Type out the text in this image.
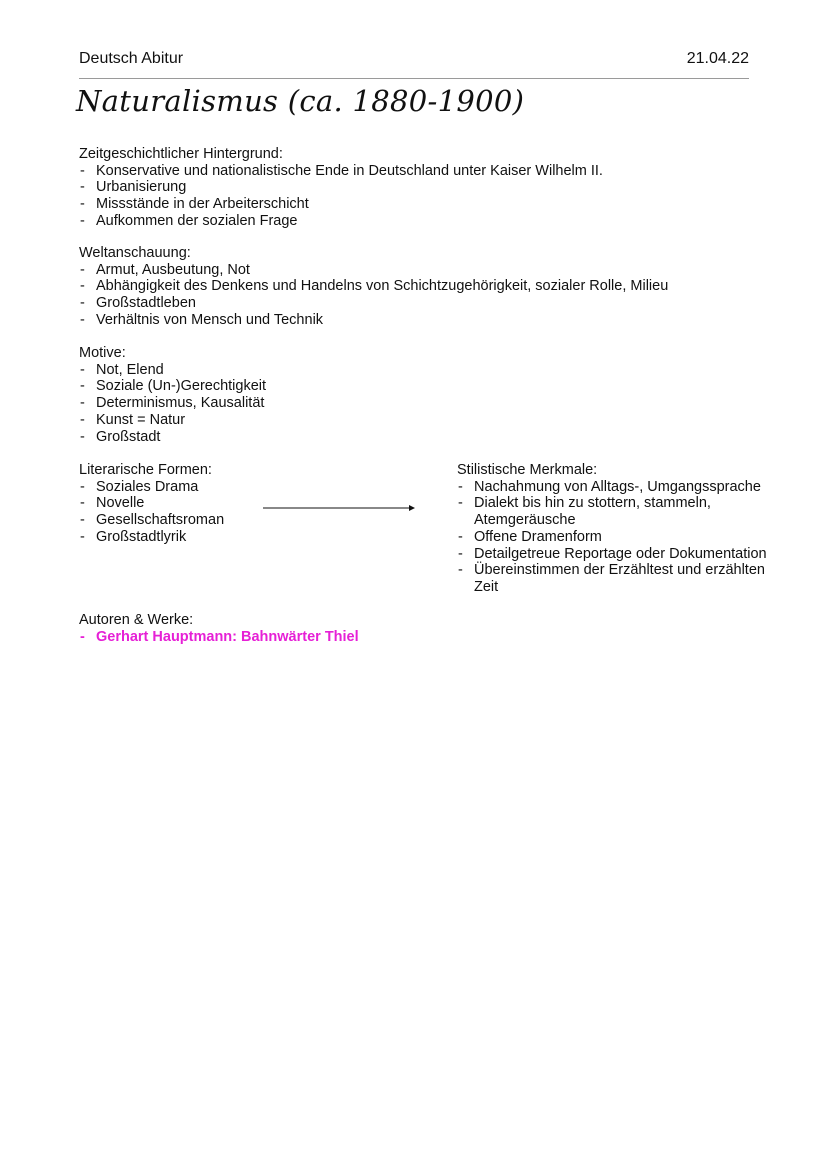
Deutsch Abitur	21.04.22
Naturalismus (ca. 1880-1900)

Zeitgeschichtlicher Hintergrund:

- Konservative und nationalistische Ende in Deutschland unter Kaiser Wilhelm II.
- Urbanisierung
- Missstände in der Arbeiterschicht
- Aufkommen der sozialen Frage

Weltanschauung:

- Armut, Ausbeutung, Not
- Abhängigkeit des Denkens und Handelns von Schichtzugehörigkeit, sozialer Rolle, Milieu
- Großstadtleben
- Verhältnis von Mensch und Technik

Motive:

- Not, Elend
- Soziale (Un-)Gerechtigkeit
- Determinismus, Kausalität
- Kunst = Natur
- Großstadt

Literarische Formen:

- Soziales Drama
- Novelle
- Gesellschaftsroman
- Großstadtlyrik

Stilistische Merkmale:

- Nachahmung von Alltags-, Umgangssprache
- Dialekt bis hin zu stottern, stammeln, Atemgeräusche
- Offene Dramenform
- Detailgetreue Reportage oder Dokumentation
- Übereinstimmen der Erzähltest und erzählten Zeit

Autoren & Werke:

- Gerhart Hauptmann: Bahnwärter Thiel
